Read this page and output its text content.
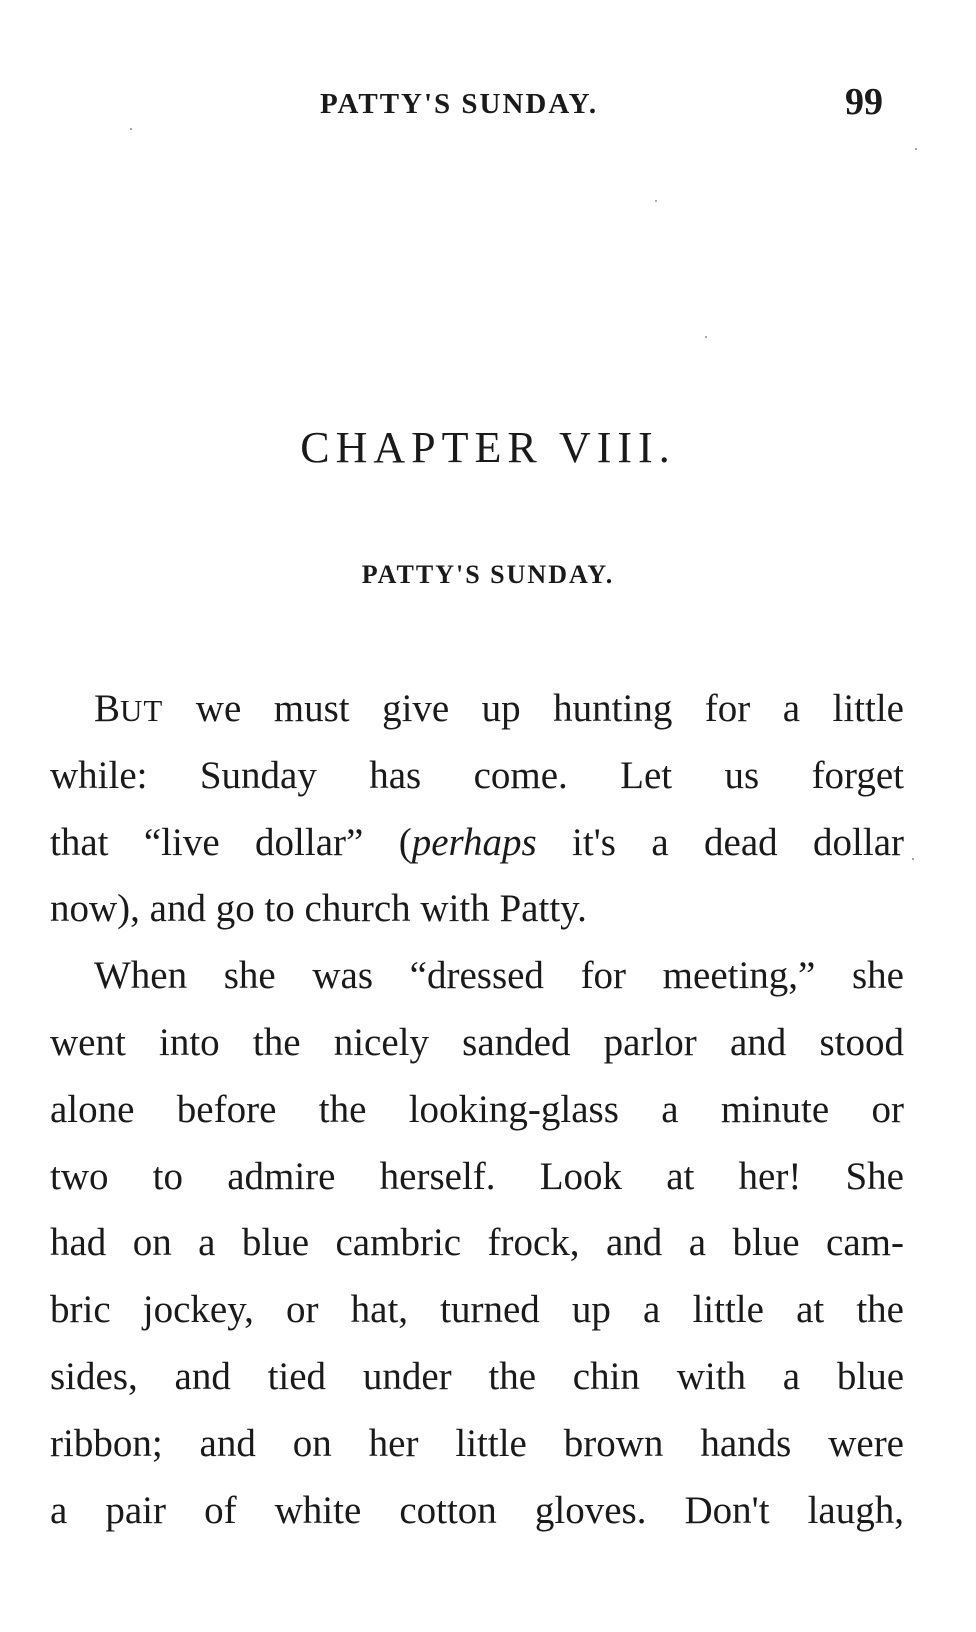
PATTY'S SUNDAY.	99
CHAPTER VIII.
PATTY'S SUNDAY.
BUT we must give up hunting for a little
while: Sunday has come. Let us forget
that “live dollar” (perhaps it's a dead dollar
now), and go to church with Patty.
When she was “dressed for meeting,” she
went into the nicely sanded parlor and stood
alone before the looking-glass a minute or
two to admire herself. Look at her! She
had on a blue cambric frock, and a blue cam-
bric jockey, or hat, turned up a little at the
sides, and tied under the chin with a blue
ribbon; and on her little brown hands were
a pair of white cotton gloves. Don't laugh,
